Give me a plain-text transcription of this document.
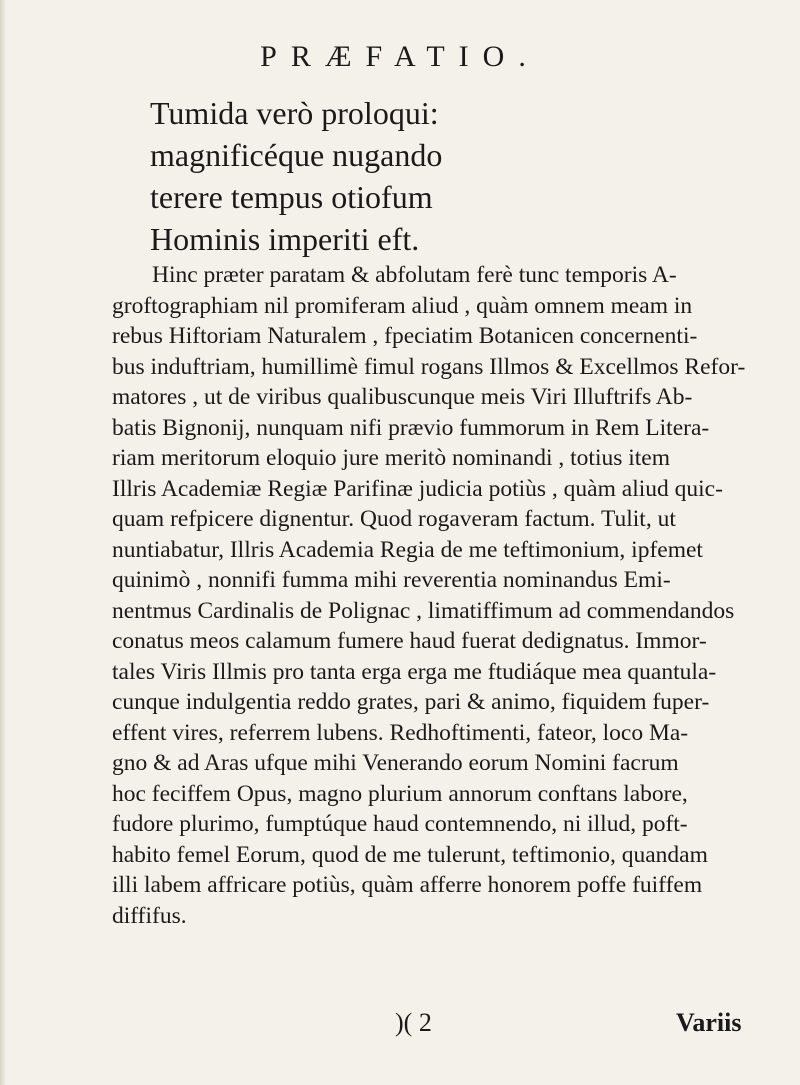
PRÆFATIO.
Tumida verò proloqui:
magnificéque nugando
terere tempus otiofum
Hominis imperiti eft.
Hinc præter paratam & abfolutam ferè tunc temporis A-
groftographiam nil promiferam aliud , quàm omnem meam in
rebus Hiftoriam Naturalem , fpeciatim Botanicen concernenti-
bus induftriam, humillimè fimul rogans Illmos & Excellmos Refor-
matores , ut de viribus qualibuscunque meis Viri Illuftrifs Ab-
batis Bignonij, nunquam nifi prævio fummorum in Rem Litera-
riam meritorum eloquio jure meritò nominandi , totius item
Illris Academiæ Regiæ Parifinæ judicia potiùs , quàm aliud quic-
quam refpicere dignentur. Quod rogaveram factum. Tulit, ut
nuntiabatur, Illris Academia Regia de me teftimonium, ipfemet
quinimò , nonnifi fumma mihi reverentia nominandus Emi-
nentmus Cardinalis de Polignac , limatiffimum ad commendandos
conatus meos calamum fumere haud fuerat dedignatus. Immor-
tales Viris Illmis pro tanta erga erga me ftudiáque mea quantula-
cunque indulgentia reddo grates, pari & animo, fiquidem fuper-
effent vires, referrem lubens. Redhoftimenti, fateor, loco Ma-
gno & ad Aras ufque mihi Venerando eorum Nomini facrum
hoc feciffem Opus, magno plurium annorum conftans labore,
fudore plurimo, fumptúque haud contemnendo, ni illud, poft-
habito femel Eorum, quod de me tulerunt, teftimonio, quandam
illi labem affricare potiùs, quàm afferre honorem poffe fuiffem
diffifus.
)( 2	Variis
